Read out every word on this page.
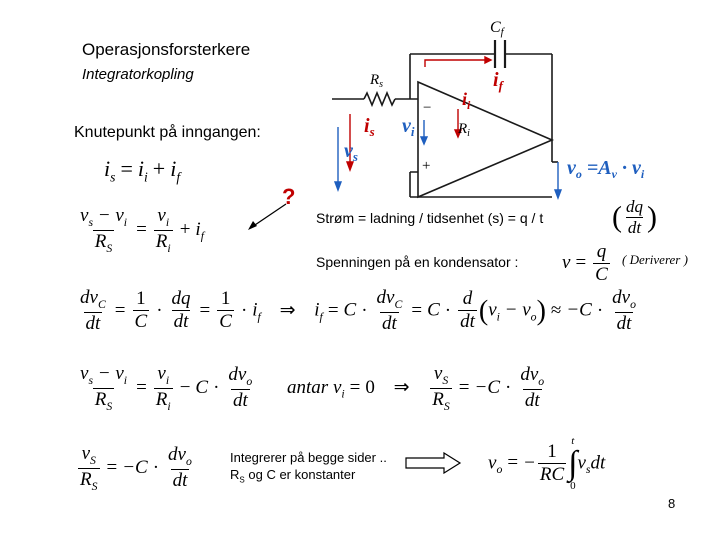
Operasjonsforsterkere
Integratorkopling
Knutepunkt på inngangen:
−
+
Cf
$R_s$
$R_i$
$i_f$
$i_i$
$i_s$ $v_i$
$v_s$
$v_o =A_v \cdot v_i$
$i_s = i_i + i_f$
?
$\frac{v_s - v_i}{R_S} = \frac{v_i}{R_i} + i_f$
Strøm = ladning / tidsenhet (s) = q / t ( $\frac{dq}{dt}$ )
Spenningen på en kondensator : $v = \frac{q}{C}$ ( Deriverer )
$\frac{dv_C}{dt} = \frac{1}{C} \cdot \frac{dq}{dt} = \frac{1}{C} \cdot i_f$ ⇒ $i_f = C \cdot \frac{dv_C}{dt} = C \cdot \frac{d}{dt} (v_i - v_o) \approx -C \cdot \frac{dv_o}{dt}$
$\frac{v_s - v_i}{R_S} = \frac{v_i}{R_i} - C \cdot \frac{dv_o}{dt}$ antar $v_i = 0$ ⇒ $\frac{v_S}{R_S} = -C \cdot \frac{dv_o}{dt}$
$\frac{v_S}{R_S} = -C \cdot \frac{dv_o}{dt}$	Integrerer på begge sider ..
$R_S$ og C er konstanter
$v_o$ = − $\frac{1}{RC}$
t
∫
0
$v_sdt$
8
